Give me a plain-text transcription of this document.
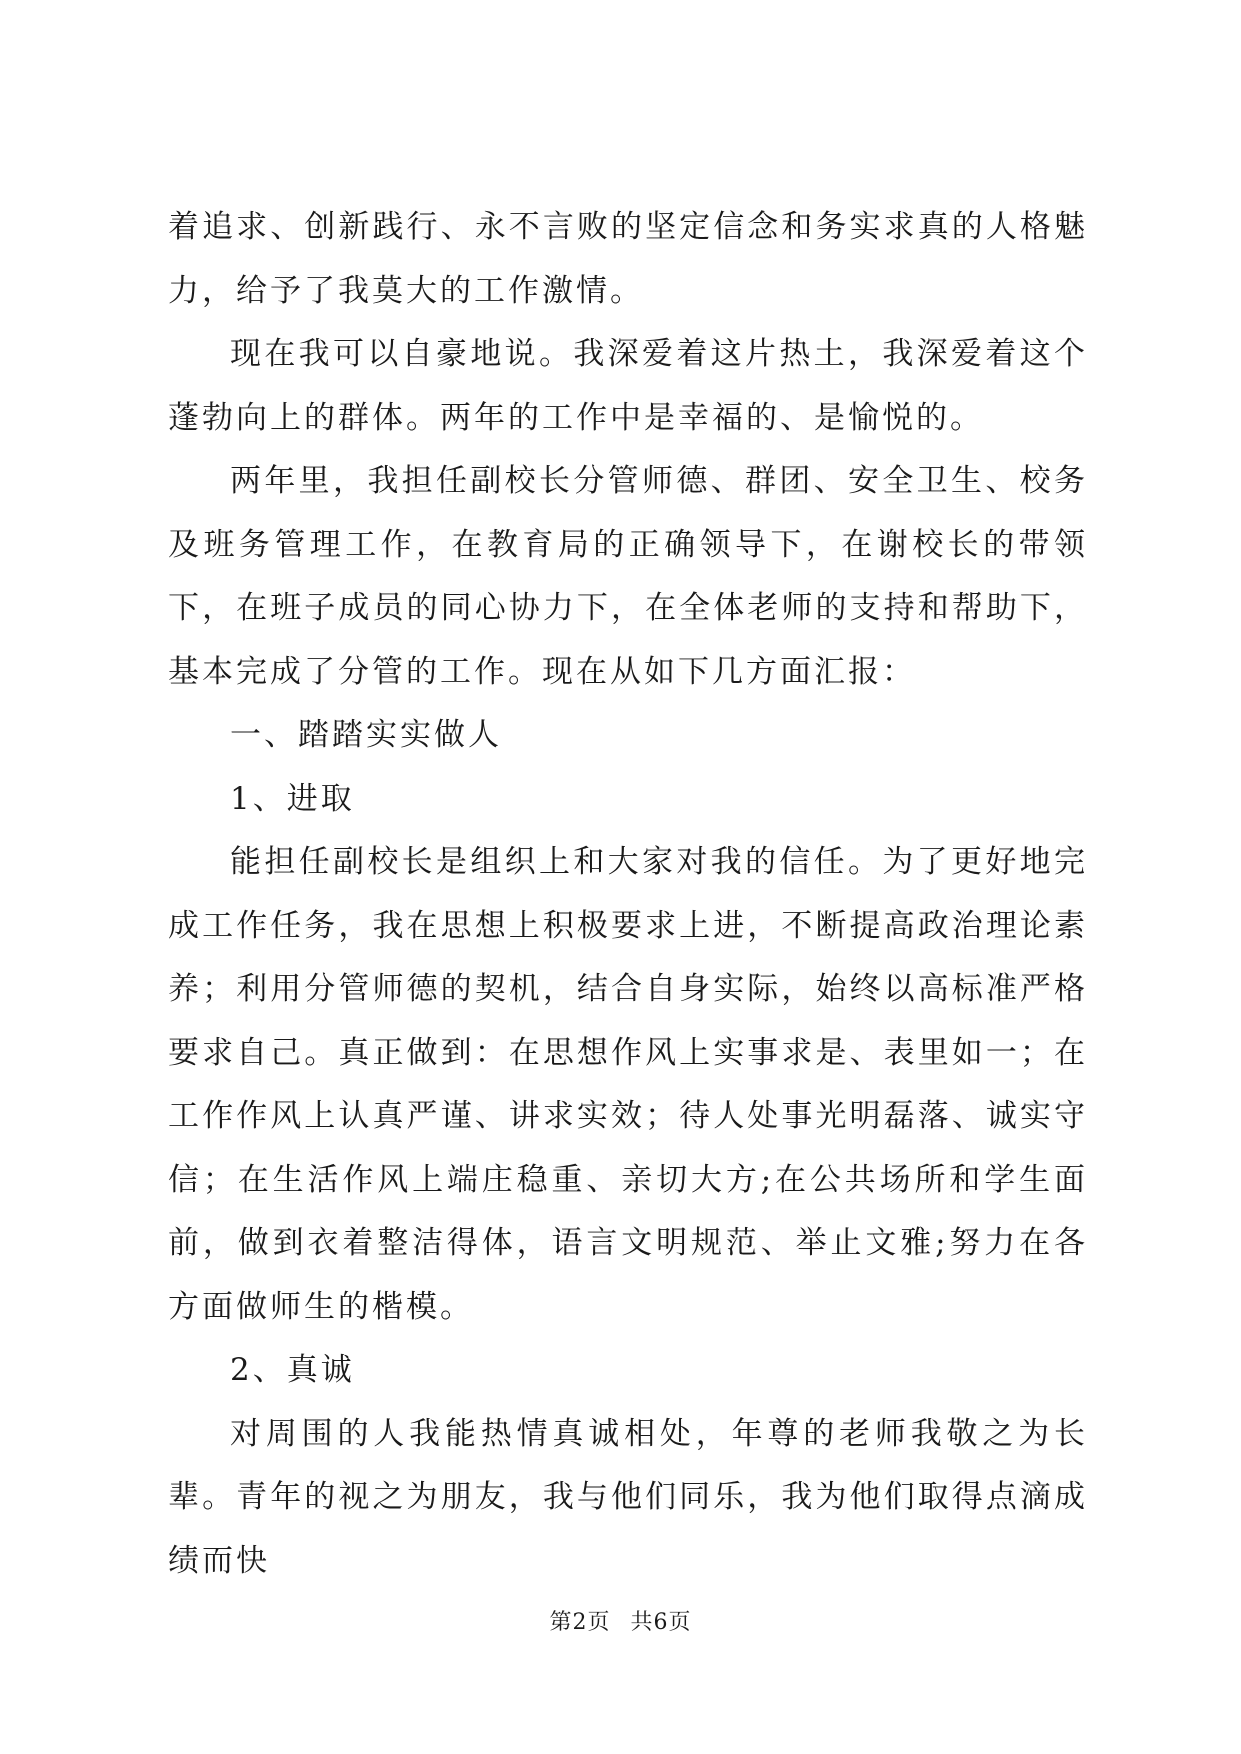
着追求、创新践行、永不言败的坚定信念和务实求真的人格魅力，给予了我莫大的工作激情。

现在我可以自豪地说。我深爱着这片热土，我深爱着这个蓬勃向上的群体。两年的工作中是幸福的、是愉悦的。

两年里，我担任副校长分管师德、群团、安全卫生、校务及班务管理工作，在教育局的正确领导下，在谢校长的带领下，在班子成员的同心协力下，在全体老师的支持和帮助下，基本完成了分管的工作。现在从如下几方面汇报：

一、踏踏实实做人

1、进取

能担任副校长是组织上和大家对我的信任。为了更好地完成工作任务，我在思想上积极要求上进，不断提高政治理论素养；利用分管师德的契机，结合自身实际，始终以高标准严格要求自己。真正做到：在思想作风上实事求是、表里如一；在工作作风上认真严谨、讲求实效；待人处事光明磊落、诚实守信；在生活作风上端庄稳重、亲切大方;在公共场所和学生面前，做到衣着整洁得体，语言文明规范、举止文雅;努力在各方面做师生的楷模。

2、真诚

对周围的人我能热情真诚相处，年尊的老师我敬之为长辈。青年的视之为朋友，我与他们同乐，我为他们取得点滴成绩而快

第2页 共6页
